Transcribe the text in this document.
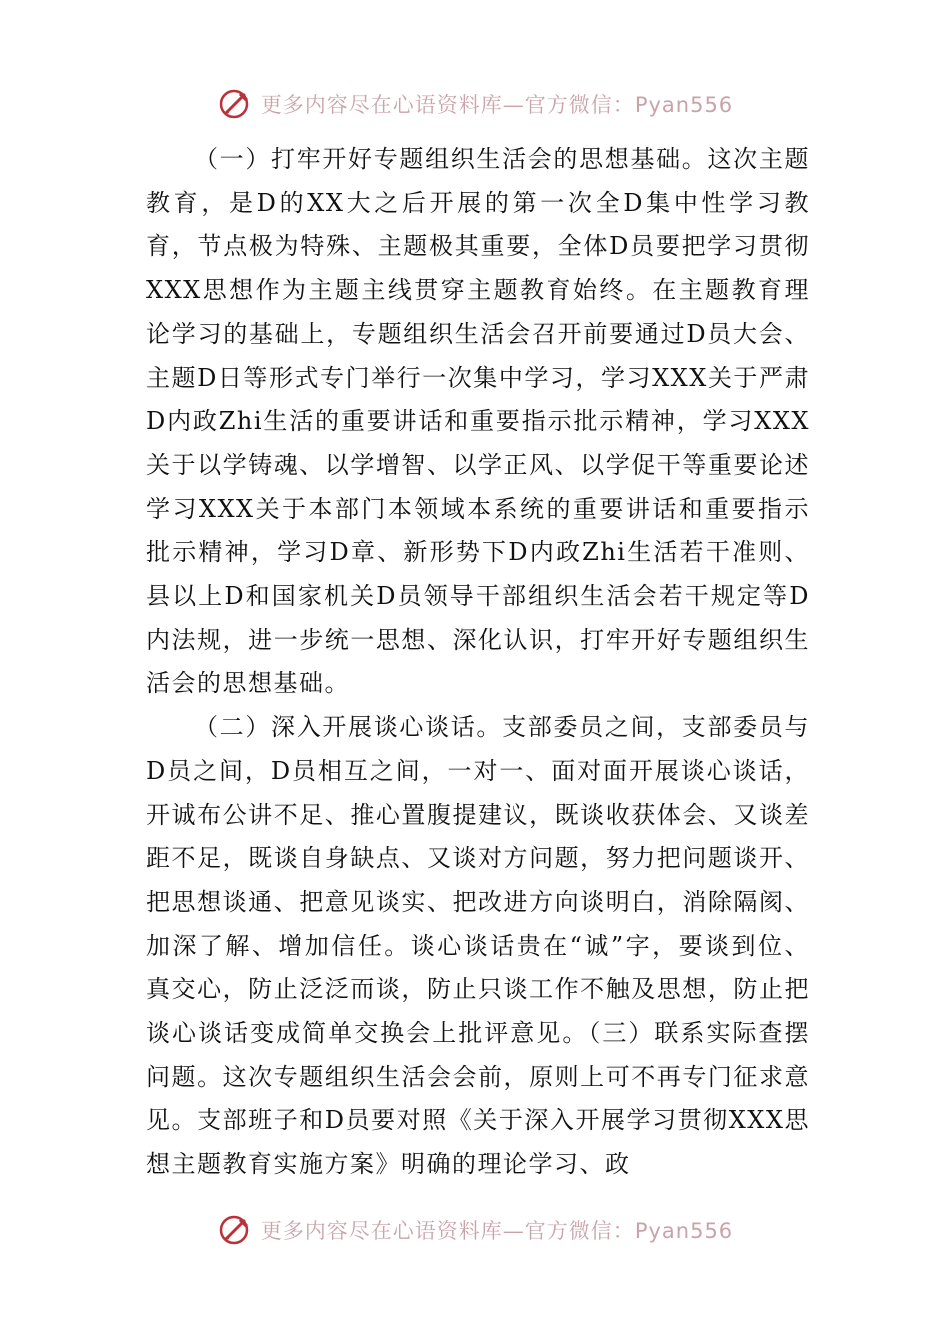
更多内容尽在心语资料库—官方微信：Pyan556

（一）打牢开好专题组织生活会的思想基础。这次主题教育，是D的XX大之后开展的第一次全D集中性学习教育，节点极为特殊、主题极其重要，全体D员要把学习贯彻XXX思想作为主题主线贯穿主题教育始终。在主题教育理论学习的基础上，专题组织生活会召开前要通过D员大会、主题D日等形式专门举行一次集中学习，学习XXX关于严肃D内政Zhi生活的重要讲话和重要指示批示精神，学习XXX关于以学铸魂、以学增智、以学正风、以学促干等重要论述学习XXX关于本部门本领域本系统的重要讲话和重要指示批示精神，学习D章、新形势下D内政Zhi生活若干准则、县以上D和国家机关D员领导干部组织生活会若干规定等D内法规，进一步统一思想、深化认识，打牢开好专题组织生活会的思想基础。

（二）深入开展谈心谈话。支部委员之间，支部委员与D员之间，D员相互之间，一对一、面对面开展谈心谈话，开诚布公讲不足、推心置腹提建议，既谈收获体会、又谈差距不足，既谈自身缺点、又谈对方问题，努力把问题谈开、把思想谈通、把意见谈实、把改进方向谈明白，消除隔阂、加深了解、增加信任。谈心谈话贵在“诚”字，要谈到位、真交心，防止泛泛而谈，防止只谈工作不触及思想，防止把谈心谈话变成简单交换会上批评意见。（三）联系实际查摆问题。这次专题组织生活会会前，原则上可不再专门征求意见。支部班子和D员要对照《关于深入开展学习贯彻XXX思想主题教育实施方案》明确的理论学习、政

更多内容尽在心语资料库—官方微信：Pyan556
